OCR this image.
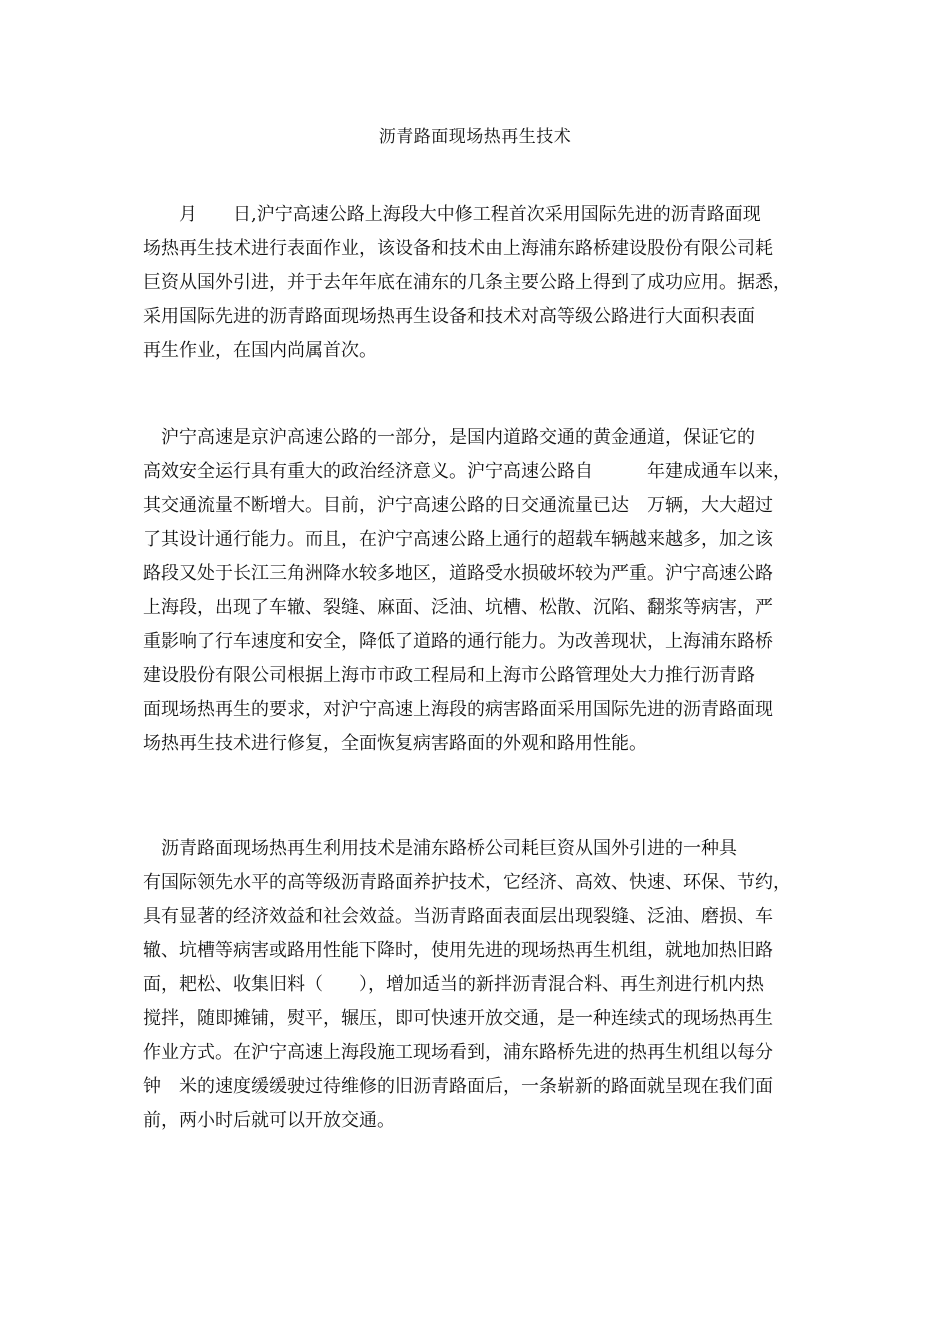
沥青路面现场热再生技术
　　月　　日,沪宁高速公路上海段大中修工程首次采用国际先进的沥青路面现
场热再生技术进行表面作业，该设备和技术由上海浦东路桥建设股份有限公司耗
巨资从国外引进，并于去年年底在浦东的几条主要公路上得到了成功应用。据悉，
采用国际先进的沥青路面现场热再生设备和技术对高等级公路进行大面积表面
再生作业，在国内尚属首次。
　沪宁高速是京沪高速公路的一部分，是国内道路交通的黄金通道，保证它的
高效安全运行具有重大的政治经济意义。沪宁高速公路自　　　年建成通车以来，
其交通流量不断增大。目前，沪宁高速公路的日交通流量已达　万辆，大大超过
了其设计通行能力。而且，在沪宁高速公路上通行的超载车辆越来越多，加之该
路段又处于长江三角洲降水较多地区，道路受水损破坏较为严重。沪宁高速公路
上海段，出现了车辙、裂缝、麻面、泛油、坑槽、松散、沉陷、翻浆等病害，严
重影响了行车速度和安全，降低了道路的通行能力。为改善现状，上海浦东路桥
建设股份有限公司根据上海市市政工程局和上海市公路管理处大力推行沥青路
面现场热再生的要求，对沪宁高速上海段的病害路面采用国际先进的沥青路面现
场热再生技术进行修复，全面恢复病害路面的外观和路用性能。
　沥青路面现场热再生利用技术是浦东路桥公司耗巨资从国外引进的一种具
有国际领先水平的高等级沥青路面养护技术，它经济、高效、快速、环保、节约，
具有显著的经济效益和社会效益。当沥青路面表面层出现裂缝、泛油、磨损、车
辙、坑槽等病害或路用性能下降时，使用先进的现场热再生机组，就地加热旧路
面，耙松、收集旧料（　　），增加适当的新拌沥青混合料、再生剂进行机内热
搅拌，随即摊铺，熨平，辗压，即可快速开放交通，是一种连续式的现场热再生
作业方式。在沪宁高速上海段施工现场看到，浦东路桥先进的热再生机组以每分
钟　米的速度缓缓驶过待维修的旧沥青路面后，一条崭新的路面就呈现在我们面
前，两小时后就可以开放交通。
